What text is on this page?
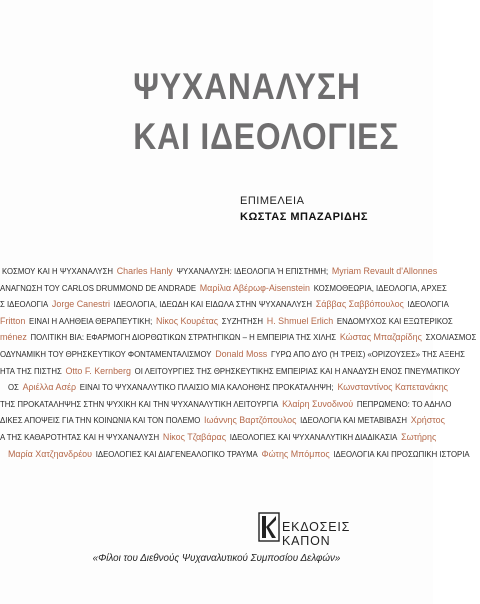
ΨΥΧΑΝΑΛΥΣΗ
ΚΑΙ ΙΔΕΟΛΟΓΙΕΣ
ΕΠΙΜΕΛΕΙΑ
ΚΩΣΤΑΣ ΜΠΑΖΑΡΙΔΗΣ
ΚΟΣΜΟΥ ΚΑΙ Η ΨΥΧΑΝΑΛΥΣΗ Charles Hanly ΨΥΧΑΝΑΛΥΣΗ: ΙΔΕΟΛΟΓΙΑ Ή ΕΠΙΣΤΗΜΗ; Myriam Revault d'Allonnes
ΑΝΑΓΝΩΣΗ ΤΟΥ CARLOS DRUMMOND DE ANDRADE Μαρίλια Αβέρωφ-Aisenstein ΚΟΣΜΟΘΕΩΡΙΑ, ΙΔΕΟΛΟΓΙΑ, ΑΡΧΕΣ
Σ ΙΔΕΟΛΟΓΙΑ Jorge Canestri ΙΔΕΟΛΟΓΙΑ, ΙΔΕΩΔΗ ΚΑΙ ΕΙΔΩΛΑ ΣΤΗΝ ΨΥΧΑΝΑΛΥΣΗ Σάββας Σαββόπουλος ΙΔΕΟΛΟΓΙΑ
Fritton ΕΙΝΑΙ Η ΑΛΗΘΕΙΑ ΘΕΡΑΠΕΥΤΙΚΗ; Νίκος Κουρέτας ΣΥΖΗΤΗΣΗ H. Shmuel Erlich ΕΝΔΟΜΥΧΟΣ ΚΑΙ ΕΞΩΤΕΡΙΚΟΣ
ménez ΠΟΛΙΤΙΚΗ ΒΙΑ: ΕΦΑΡΜΟΓΗ ΔΙΟΡΘΩΤΙΚΩΝ ΣΤΡΑΤΗΓΙΚΩΝ – Η ΕΜΠΕΙΡΙΑ ΤΗΣ ΧΙΛΗΣ Κώστας Μπαζαρίδης ΣΧΟΛΙΑΣΜΟΣ
ΟΔΥΝΑΜΙΚΗ ΤΟΥ ΘΡΗΣΚΕΥΤΙΚΟΥ ΦΟΝΤΑΜΕΝΤΑΛΙΣΜΟΥ Donald Moss ΓΥΡΩ ΑΠΟ ΔΥΟ (Ή ΤΡΕΙΣ) «ΟΡΙΖΟΥΣΕΣ» ΤΗΣ ΑΞΕΗΣ
ΗΤΑ ΤΗΣ ΠΙΣΤΗΣ Otto F. Kernberg ΟΙ ΛΕΙΤΟΥΡΓΙΕΣ ΤΗΣ ΘΡΗΣΚΕΥΤΙΚΗΣ ΕΜΠΕΙΡΙΑΣ ΚΑΙ Η ΑΝΑΔΥΣΗ ΕΝΟΣ ΠΝΕΥΜΑΤΙΚΟΥ
ΟΣ Αριέλλα Ασέρ ΕΙΝΑΙ ΤΟ ΨΥΧΑΝΑΛΥΤΙΚΟ ΠΛΑΙΣΙΟ ΜΙΑ ΚΑΛΟΗΘΗΣ ΠΡΟΚΑΤΑΛΗΨΗ; Κωνσταντίνος Καπετανάκης
ΤΗΣ ΠΡΟΚΑΤΑΛΗΨΗΣ ΣΤΗΝ ΨΥΧΙΚΗ ΚΑΙ ΤΗΝ ΨΥΧΑΝΑΛΥΤΙΚΗ ΛΕΙΤΟΥΡΓΙΑ Κλαίρη Συνοδινού ΠΕΠΡΩΜΕΝΟ: ΤΟ ΑΔΗΛΟ
ΔΙΚΕΣ ΑΠΟΨΕΙΣ ΓΙΑ ΤΗΝ ΚΟΙΝΩΝΙΑ ΚΑΙ ΤΟΝ ΠΟΛΕΜΟ Ιωάννης Βαρτζόπουλος ΙΔΕΟΛΟΓΙΑ ΚΑΙ ΜΕΤΑΒΙΒΑΣΗ Χρήστος
Α ΤΗΣ ΚΑΘΑΡΟΤΗΤΑΣ ΚΑΙ Η ΨΥΧΑΝΑΛΥΣΗ Νίκος Τζαβάρας ΙΔΕΟΛΟΓΙΕΣ ΚΑΙ ΨΥΧΑΝΑΛΥΤΙΚΗ ΔΙΑΔΙΚΑΣΙΑ Σωτήρης
Μαρία Χατζηανδρέου ΙΔΕΟΛΟΓΙΕΣ ΚΑΙ ΔΙΑΓΕΝΕΑΛΟΓΙΚΟ ΤΡΑΥΜΑ Φώτης Μπόμπος ΙΔΕΟΛΟΓΙΑ ΚΑΙ ΠΡΟΣΩΠΙΚΗ ΙΣΤΟΡΙΑ
ΕΚΔΟΣΕΙΣ ΚΑΠΟΝ
«Φίλοι του Διεθνούς Ψυχαναλυτικού Συμποσίου Δελφών»
